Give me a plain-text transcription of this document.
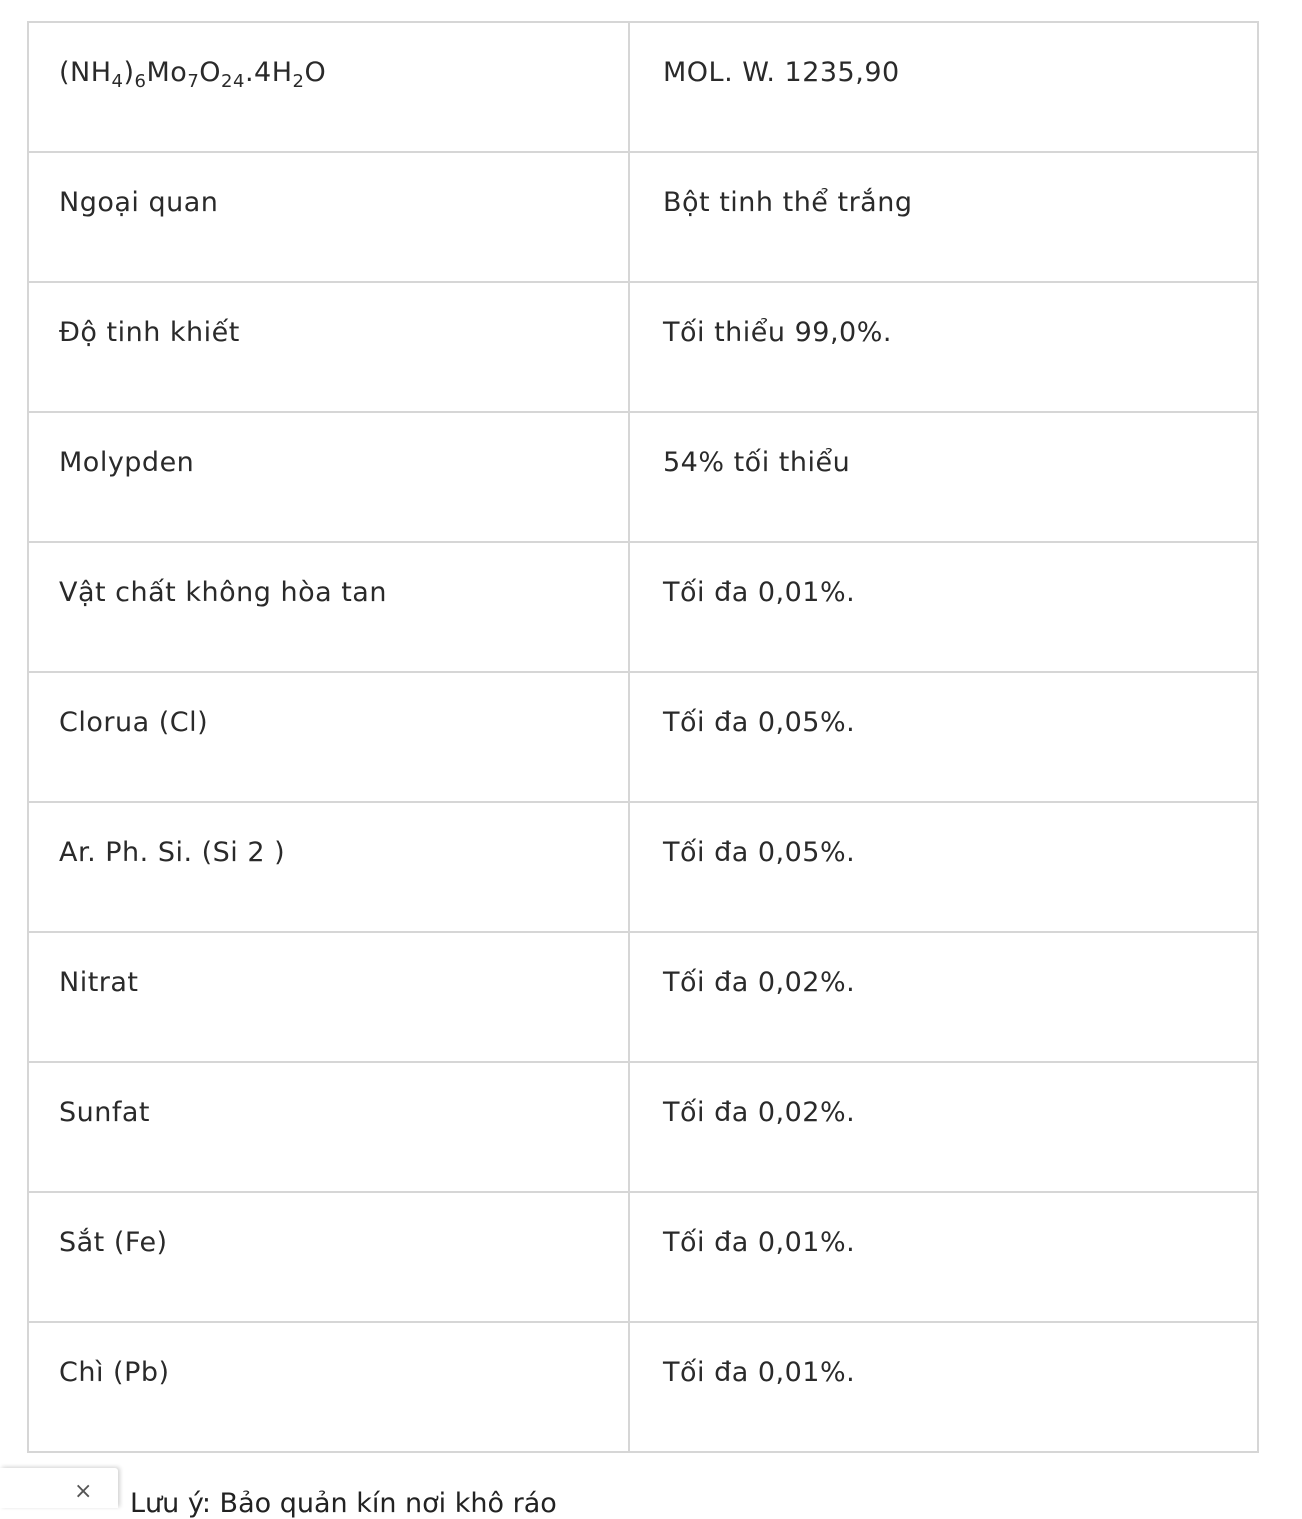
$(NH_4)_6Mo_7O_{24}.4H_2O$	MOL. W. 1235,90
Ngoại quan	Bột tinh thể trắng
Độ tinh khiết	Tối thiểu 99,0%.
Molypden	54% tối thiểu
Vật chất không hòa tan	Tối đa 0,01%.
Clorua (Cl)	Tối đa 0,05%.
Ar. Ph. Si. (Si 2 )	Tối đa 0,05%.
Nitrat	Tối đa 0,02%.
Sunfat	Tối đa 0,02%.
Sắt (Fe)	Tối đa 0,01%.
Chì (Pb)	Tối đa 0,01%.
× Lưu ý: Bảo quản kín nơi khô ráo
